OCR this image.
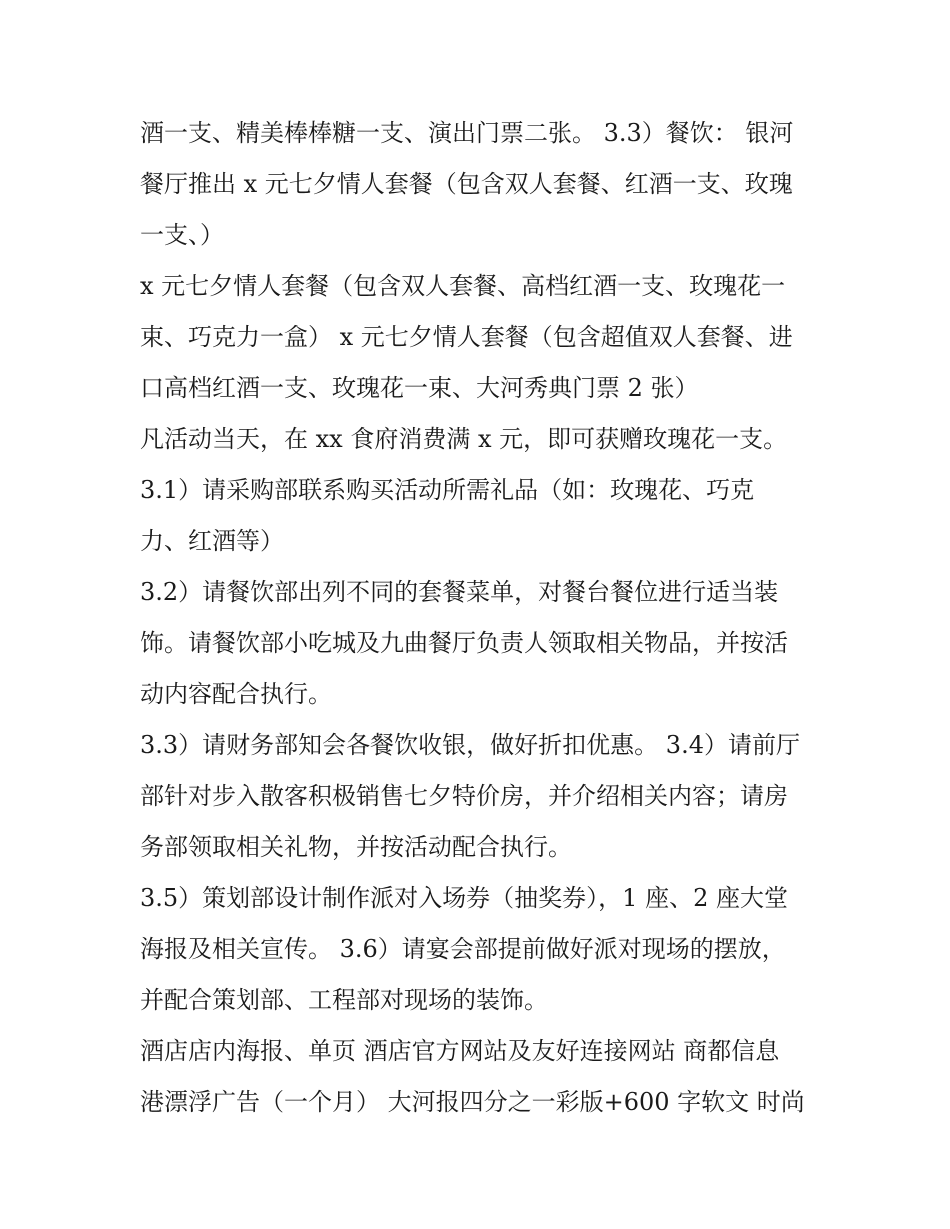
酒一支、精美棒棒糖一支、演出门票二张。 3.3）餐饮： 银河
餐厅推出 x 元七夕情人套餐（包含双人套餐、红酒一支、玫瑰
一支、）
x 元七夕情人套餐（包含双人套餐、高档红酒一支、玫瑰花一
束、巧克力一盒） x 元七夕情人套餐（包含超值双人套餐、进
口高档红酒一支、玫瑰花一束、大河秀典门票 2 张）
凡活动当天，在 xx 食府消费满 x 元，即可获赠玫瑰花一支。
3.1）请采购部联系购买活动所需礼品（如：玫瑰花、巧克
力、红酒等）
3.2）请餐饮部出列不同的套餐菜单，对餐台餐位进行适当装
饰。请餐饮部小吃城及九曲餐厅负责人领取相关物品，并按活
动内容配合执行。
3.3）请财务部知会各餐饮收银，做好折扣优惠。 3.4）请前厅
部针对步入散客积极销售七夕特价房，并介绍相关内容；请房
务部领取相关礼物，并按活动配合执行。
3.5）策划部设计制作派对入场券（抽奖券），1 座、2 座大堂
海报及相关宣传。 3.6）请宴会部提前做好派对现场的摆放，
并配合策划部、工程部对现场的装饰。
酒店店内海报、单页 酒店官方网站及友好连接网站 商都信息
港漂浮广告（一个月） 大河报四分之一彩版+600 字软文 时尚
